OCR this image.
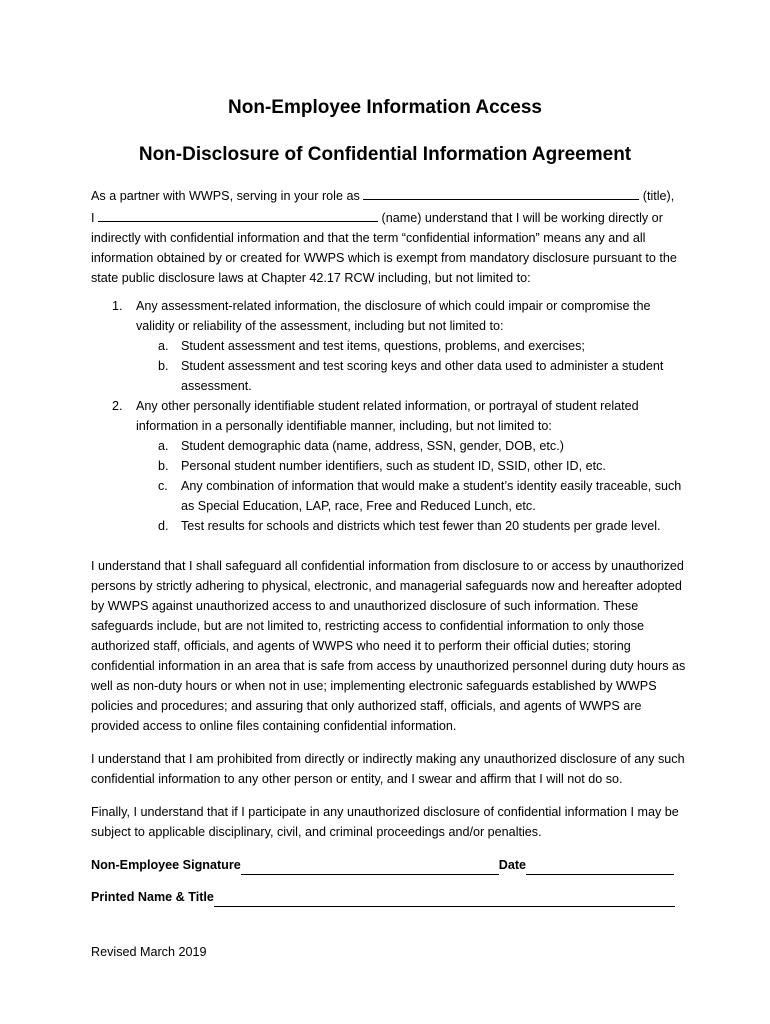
Non-Employee Information Access
Non-Disclosure of Confidential Information Agreement

As a partner with WWPS, serving in your role as	(title),
I	(name) understand that I will be working directly or indirectly with confidential information and that the term “confidential information” means any and all information obtained by or created for WWPS which is exempt from mandatory disclosure pursuant to the state public disclosure laws at Chapter 42.17 RCW including, but not limited to:

1. Any assessment-related information, the disclosure of which could impair or compromise the validity or reliability of the assessment, including but not limited to:
a. Student assessment and test items, questions, problems, and exercises;
b. Student assessment and test scoring keys and other data used to administer a student assessment.
2. Any other personally identifiable student related information, or portrayal of student related information in a personally identifiable manner, including, but not limited to:
a. Student demographic data (name, address, SSN, gender, DOB, etc.)
b. Personal student number identifiers, such as student ID, SSID, other ID, etc.
c. Any combination of information that would make a student’s identity easily traceable, such as Special Education, LAP, race, Free and Reduced Lunch, etc.
d. Test results for schools and districts which test fewer than 20 students per grade level.

I understand that I shall safeguard all confidential information from disclosure to or access by unauthorized persons by strictly adhering to physical, electronic, and managerial safeguards now and hereafter adopted by WWPS against unauthorized access to and unauthorized disclosure of such information. These safeguards include, but are not limited to, restricting access to confidential information to only those authorized staff, officials, and agents of WWPS who need it to perform their official duties; storing confidential information in an area that is safe from access by unauthorized personnel during duty hours as well as non-duty hours or when not in use; implementing electronic safeguards established by WWPS policies and procedures; and assuring that only authorized staff, officials, and agents of WWPS are provided access to online files containing confidential information.

I understand that I am prohibited from directly or indirectly making any unauthorized disclosure of any such confidential information to any other person or entity, and I swear and affirm that I will not do so.

Finally, I understand that if I participate in any unauthorized disclosure of confidential information I may be subject to applicable disciplinary, civil, and criminal proceedings and/or penalties.

Non-Employee Signature	Date
Printed Name & Title
Revised March 2019
